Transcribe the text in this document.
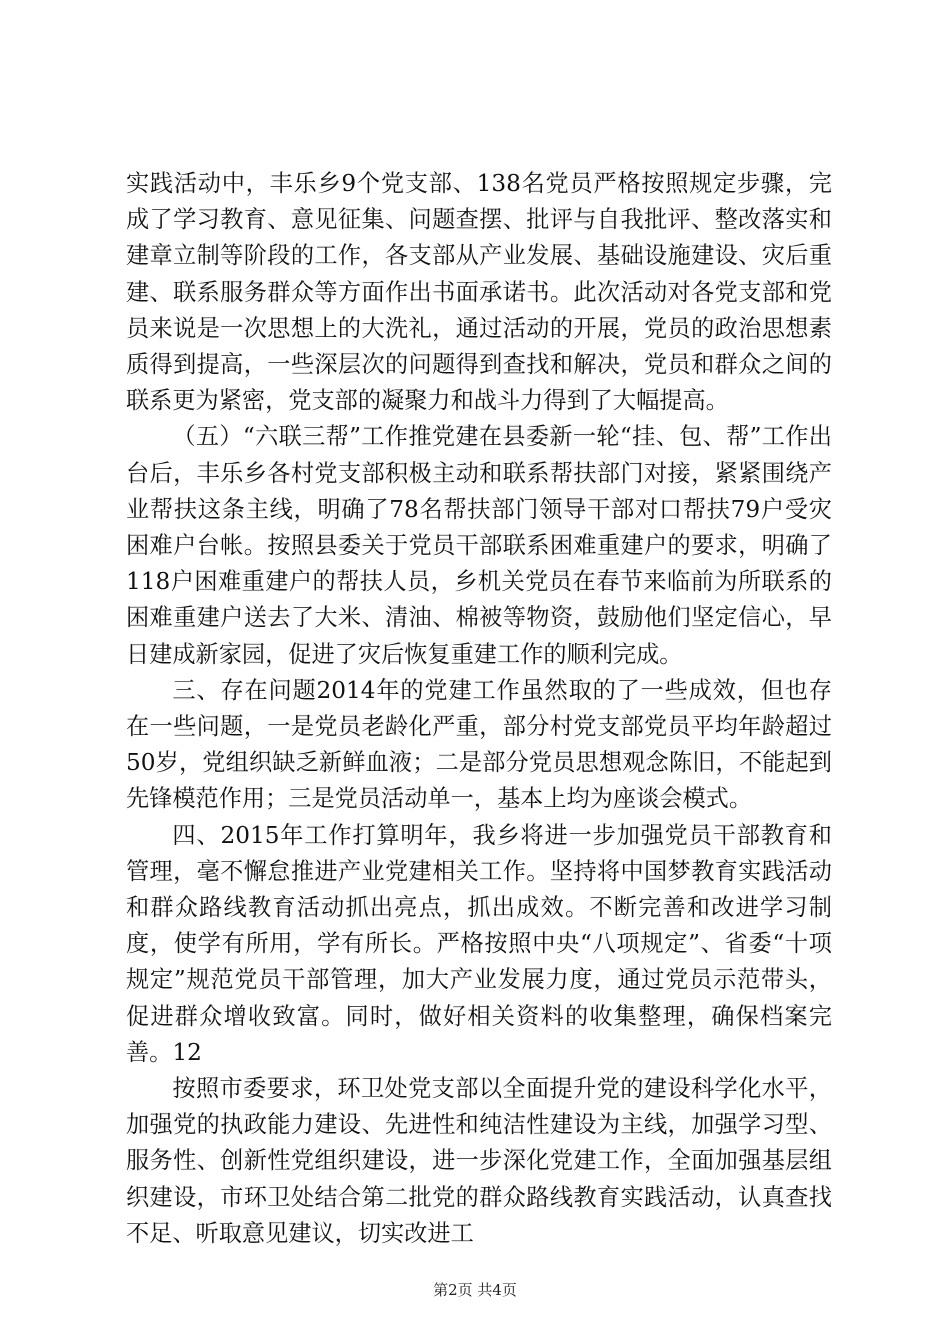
实践活动中，丰乐乡9个党支部、138名党员严格按照规定步骤，完成了学习教育、意见征集、问题查摆、批评与自我批评、整改落实和建章立制等阶段的工作，各支部从产业发展、基础设施建设、灾后重建、联系服务群众等方面作出书面承诺书。此次活动对各党支部和党员来说是一次思想上的大洗礼，通过活动的开展，党员的政治思想素质得到提高，一些深层次的问题得到查找和解决，党员和群众之间的联系更为紧密，党支部的凝聚力和战斗力得到了大幅提高。

（五）“六联三帮”工作推党建在县委新一轮“挂、包、帮”工作出台后，丰乐乡各村党支部积极主动和联系帮扶部门对接，紧紧围绕产业帮扶这条主线，明确了78名帮扶部门领导干部对口帮扶79户受灾困难户台帐。按照县委关于党员干部联系困难重建户的要求，明确了118户困难重建户的帮扶人员，乡机关党员在春节来临前为所联系的困难重建户送去了大米、清油、棉被等物资，鼓励他们坚定信心，早日建成新家园，促进了灾后恢复重建工作的顺利完成。

三、存在问题2014年的党建工作虽然取的了一些成效，但也存在一些问题，一是党员老龄化严重，部分村党支部党员平均年龄超过50岁，党组织缺乏新鲜血液；二是部分党员思想观念陈旧，不能起到先锋模范作用；三是党员活动单一，基本上均为座谈会模式。

四、2015年工作打算明年，我乡将进一步加强党员干部教育和管理，毫不懈怠推进产业党建相关工作。坚持将中国梦教育实践活动和群众路线教育活动抓出亮点，抓出成效。不断完善和改进学习制度，使学有所用，学有所长。严格按照中央“八项规定”、省委“十项规定”规范党员干部管理，加大产业发展力度，通过党员示范带头，促进群众增收致富。同时，做好相关资料的收集整理，确保档案完善。12

按照市委要求，环卫处党支部以全面提升党的建设科学化水平，加强党的执政能力建设、先进性和纯洁性建设为主线，加强学习型、服务性、创新性党组织建设，进一步深化党建工作，全面加强基层组织建设，市环卫处结合第二批党的群众路线教育实践活动，认真查找不足、听取意见建议，切实改进工

第2页 共4页
